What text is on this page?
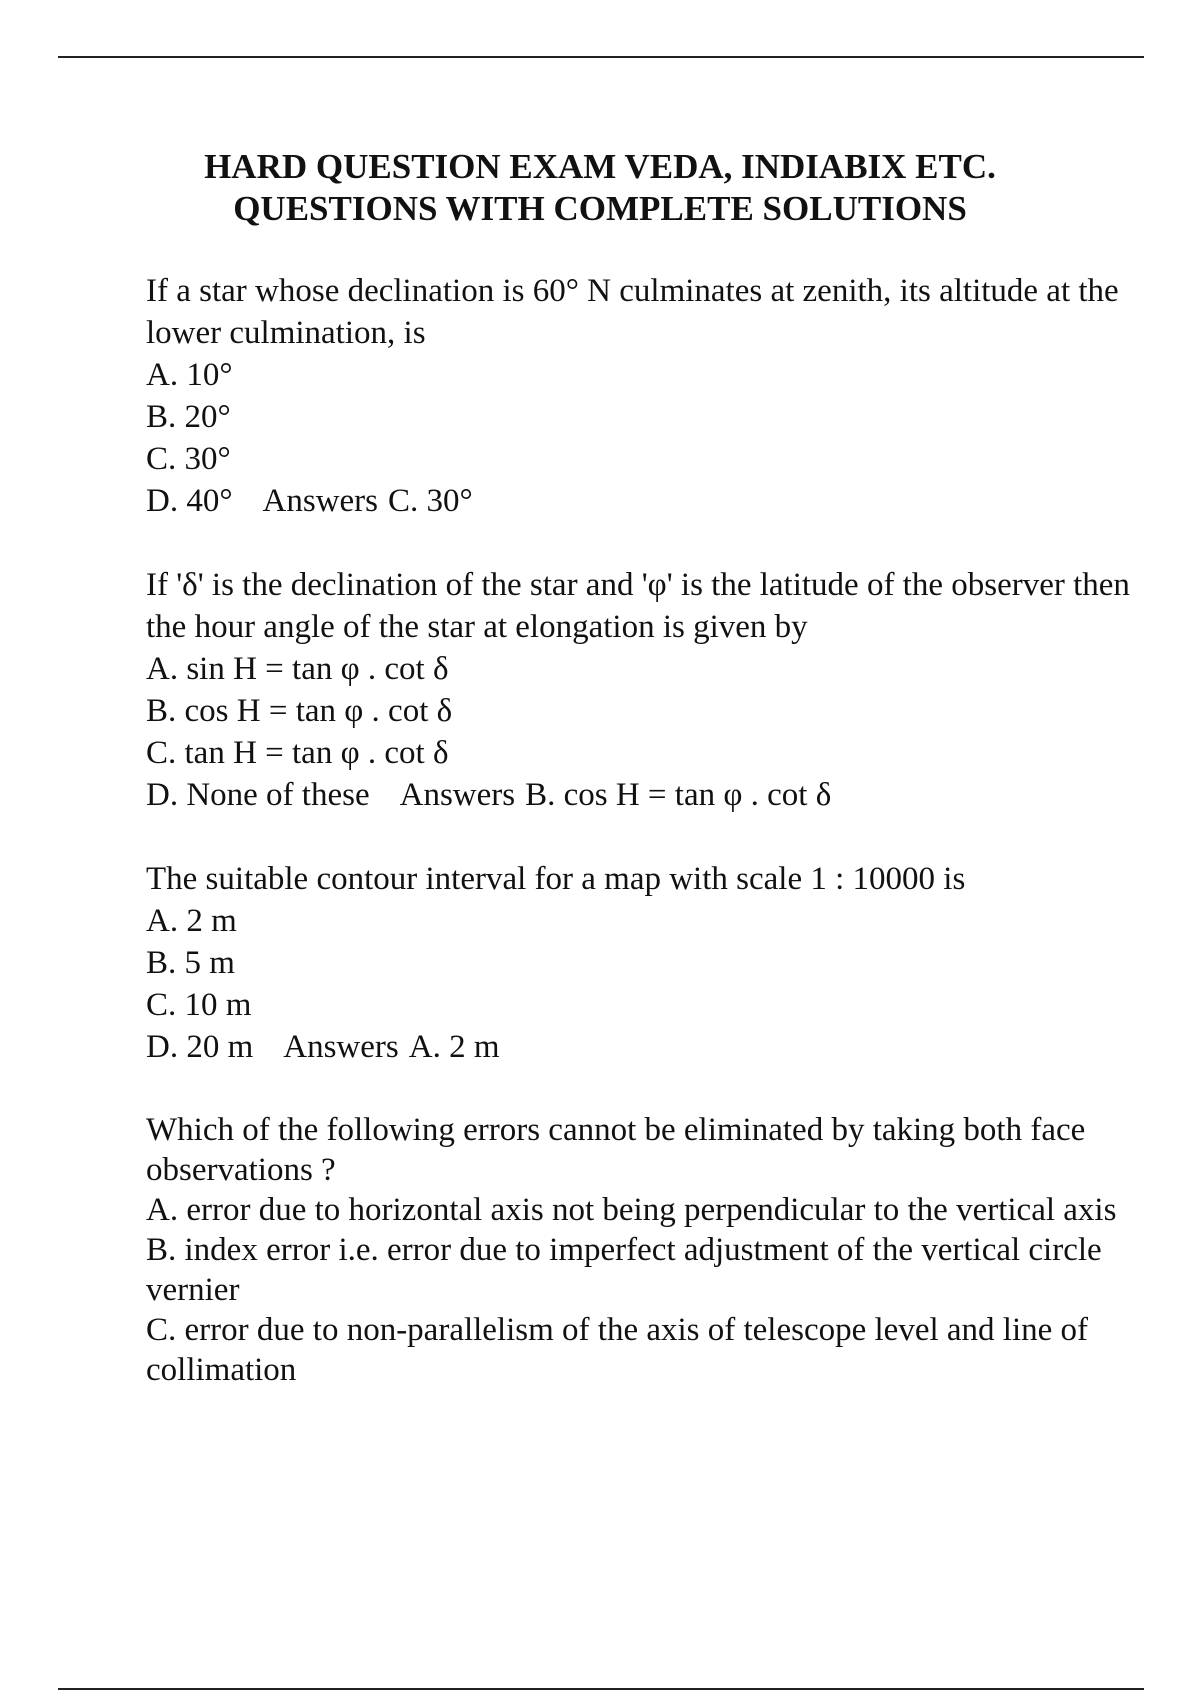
HARD QUESTION EXAM VEDA, INDIABIX ETC.
QUESTIONS WITH COMPLETE SOLUTIONS

If a star whose declination is 60° N culminates at zenith, its altitude at the lower culmination, is

A. 10°
B. 20°
C. 30°
D. 40° Answers C. 30°

If 'δ' is the declination of the star and 'φ' is the latitude of the observer then the hour angle of the star at elongation is given by

A. sin H = tan φ . cot δ
B. cos H = tan φ . cot δ
C. tan H = tan φ . cot δ
D. None of these Answers B. cos H = tan φ . cot δ

The suitable contour interval for a map with scale 1 : 10000 is

A. 2 m
B. 5 m
C. 10 m
D. 20 m Answers A. 2 m

Which of the following errors cannot be eliminated by taking both face observations ?

A. error due to horizontal axis not being perpendicular to the vertical axis
B. index error i.e. error due to imperfect adjustment of the vertical circle vernier
C. error due to non-parallelism of the axis of telescope level and line of collimation
